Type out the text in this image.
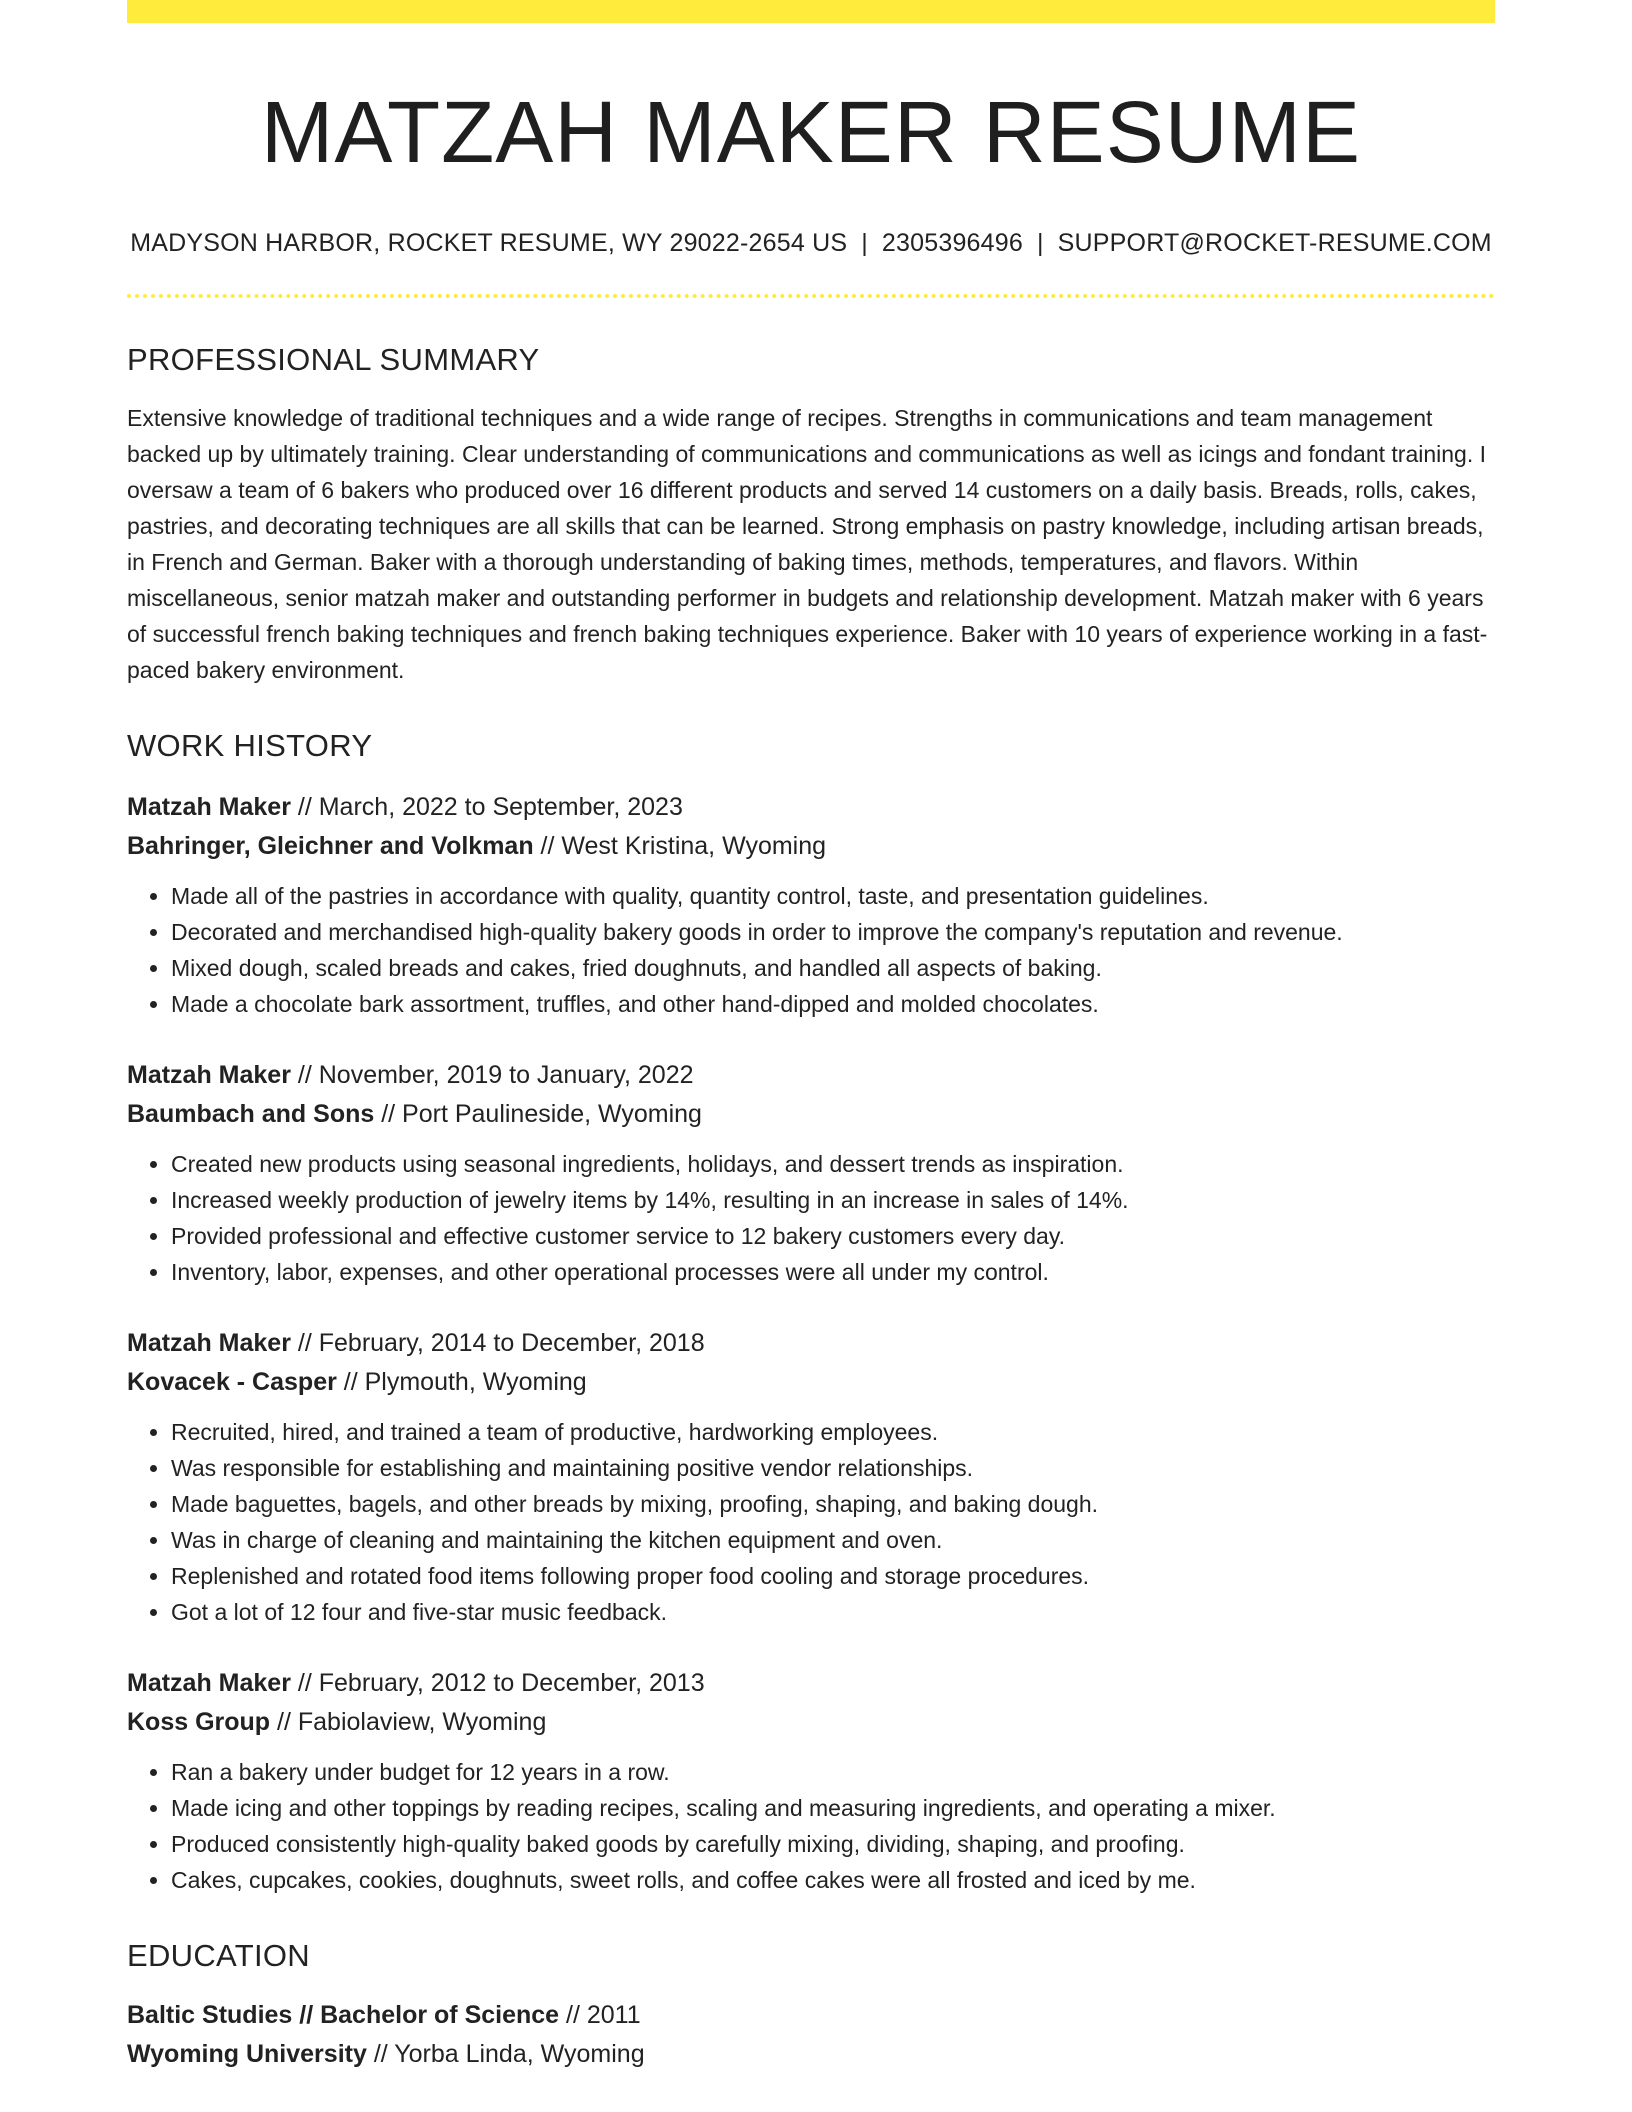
MATZAH MAKER RESUME
MADYSON HARBOR, ROCKET RESUME, WY 29022-2654 US | 2305396496 | SUPPORT@ROCKET-RESUME.COM
PROFESSIONAL SUMMARY
Extensive knowledge of traditional techniques and a wide range of recipes. Strengths in communications and team management backed up by ultimately training. Clear understanding of communications and communications as well as icings and fondant training. I oversaw a team of 6 bakers who produced over 16 different products and served 14 customers on a daily basis. Breads, rolls, cakes, pastries, and decorating techniques are all skills that can be learned. Strong emphasis on pastry knowledge, including artisan breads, in French and German. Baker with a thorough understanding of baking times, methods, temperatures, and flavors. Within miscellaneous, senior matzah maker and outstanding performer in budgets and relationship development. Matzah maker with 6 years of successful french baking techniques and french baking techniques experience. Baker with 10 years of experience working in a fast-paced bakery environment.
WORK HISTORY
Matzah Maker // March, 2022 to September, 2023
Bahringer, Gleichner and Volkman // West Kristina, Wyoming
• Made all of the pastries in accordance with quality, quantity control, taste, and presentation guidelines.
• Decorated and merchandised high-quality bakery goods in order to improve the company's reputation and revenue.
• Mixed dough, scaled breads and cakes, fried doughnuts, and handled all aspects of baking.
• Made a chocolate bark assortment, truffles, and other hand-dipped and molded chocolates.
Matzah Maker // November, 2019 to January, 2022
Baumbach and Sons // Port Paulineside, Wyoming
• Created new products using seasonal ingredients, holidays, and dessert trends as inspiration.
• Increased weekly production of jewelry items by 14%, resulting in an increase in sales of 14%.
• Provided professional and effective customer service to 12 bakery customers every day.
• Inventory, labor, expenses, and other operational processes were all under my control.
Matzah Maker // February, 2014 to December, 2018
Kovacek - Casper // Plymouth, Wyoming
• Recruited, hired, and trained a team of productive, hardworking employees.
• Was responsible for establishing and maintaining positive vendor relationships.
• Made baguettes, bagels, and other breads by mixing, proofing, shaping, and baking dough.
• Was in charge of cleaning and maintaining the kitchen equipment and oven.
• Replenished and rotated food items following proper food cooling and storage procedures.
• Got a lot of 12 four and five-star music feedback.
Matzah Maker // February, 2012 to December, 2013
Koss Group // Fabiolaview, Wyoming
• Ran a bakery under budget for 12 years in a row.
• Made icing and other toppings by reading recipes, scaling and measuring ingredients, and operating a mixer.
• Produced consistently high-quality baked goods by carefully mixing, dividing, shaping, and proofing.
• Cakes, cupcakes, cookies, doughnuts, sweet rolls, and coffee cakes were all frosted and iced by me.
EDUCATION
Baltic Studies // Bachelor of Science // 2011
Wyoming University // Yorba Linda, Wyoming
